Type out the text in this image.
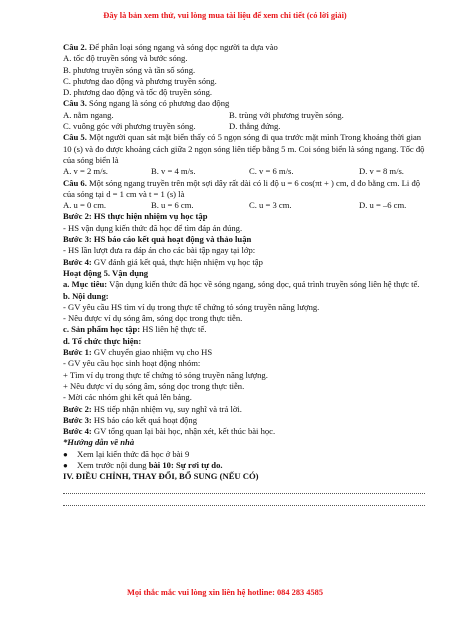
Đây là bản xem thử, vui lòng mua tài liệu để xem chi tiết (có lời giải)
Câu 2. Để phân loại sóng ngang và sóng dọc người ta dựa vào
A. tốc độ truyền sóng và bước sóng.
B. phương truyền sóng và tần số sóng.
C. phương dao động và phương truyền sóng.
D. phương dao động và tốc độ truyền sóng.
Câu 3. Sóng ngang là sóng có phương dao động
A. nằm ngang.	B. trùng với phương truyền sóng.
C. vuông góc với phương truyền sóng.	D. thẳng đứng.
Câu 5. Một người quan sát mặt biển thấy có 5 ngọn sóng đi qua trước mặt mình Trong khoảng thời gian 10 (s) và đo được khoảng cách giữa 2 ngọn sóng liên tiếp bằng 5 m. Coi sóng biển là sóng ngang. Tốc độ của sóng biển là
A. v = 2 m/s.	B. v = 4 m/s.	C. v = 6 m/s.	D. v = 8 m/s.
Câu 6. Một sóng ngang truyền trên một sợi dây rất dài có li độ u = 6 cos(πt + ) cm, d đo bằng cm. Li độ của sóng tại d = 1 cm và t = 1 (s) là
A. u = 0 cm.	B. u = 6 cm.	C. u = 3 cm.	D. u = –6 cm.
Bước 2: HS thực hiện nhiệm vụ học tập
- HS vận dụng kiến thức đã học để tìm đáp án đúng.
Bước 3: HS báo cáo kết quả hoạt động và thảo luận
- HS lần lượt đưa ra đáp án cho các bài tập ngay tại lớp:
Bước 4: GV đánh giá kết quả, thực hiện nhiệm vụ học tập
Hoạt động 5. Vận dụng
a. Mục tiêu: Vận dụng kiến thức đã học về sóng ngang, sóng dọc, quá trình truyền sóng liên hệ thực tế.
b. Nội dung:
- GV yêu cầu HS tìm ví dụ trong thực tế chứng tỏ sóng truyền năng lượng.
- Nêu được ví dụ sóng âm, sóng dọc trong thực tiễn.
c. Sản phẩm học tập: HS liên hệ thực tế.
d. Tổ chức thực hiện:
Bước 1: GV chuyển giao nhiệm vụ cho HS
- GV yêu cầu học sinh hoạt động nhóm:
+ Tìm ví dụ trong thực tế chứng tỏ sóng truyền năng lượng.
+ Nêu được ví dụ sóng âm, sóng dọc trong thực tiễn.
- Mời các nhóm ghi kết quả lên bảng.
Bước 2: HS tiếp nhận nhiệm vụ, suy nghĩ và trả lời.
Bước 3: HS báo cáo kết quả hoạt động
Bước 4: GV tổng quan lại bài học, nhận xét, kết thúc bài học.
*Hướng dẫn về nhà
● Xem lại kiến thức đã học ở bài 9
● Xem trước nội dung bài 10: Sự rơi tự do.
IV. ĐIỀU CHỈNH, THAY ĐỔI, BỔ SUNG (NẾU CÓ)
Mọi thắc mắc vui lòng xin liên hệ hotline: 084 283 4585
